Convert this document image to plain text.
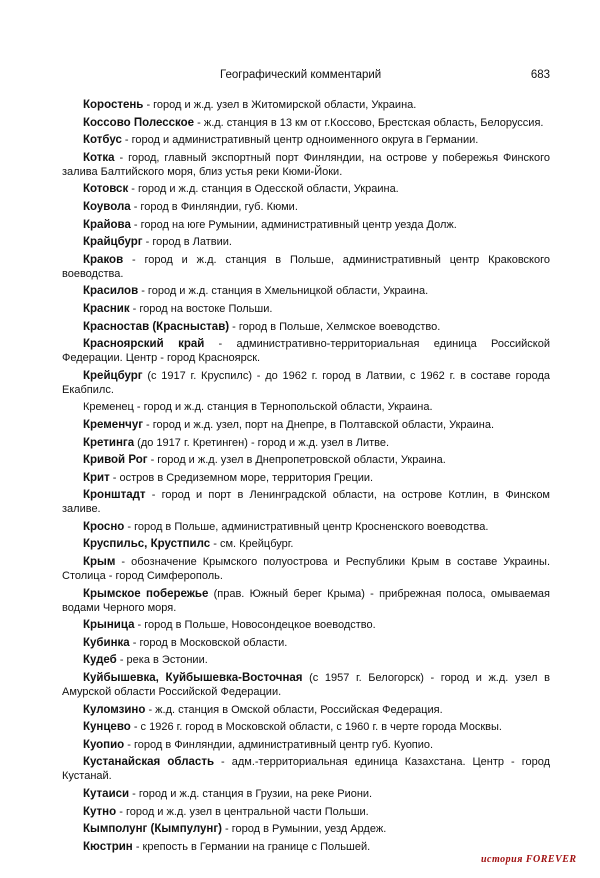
Географический комментарий	683

Коростень - город и ж.д. узел в Житомирской области, Украина.

Коссово Полесское - ж.д. станция в 13 км от г.Коссово, Брестская область, Белоруссия.

Котбус - город и административный центр одноименного округа в Германии.

Котка - город, главный экспортный порт Финляндии, на острове у побережья Финского залива Балтийского моря, близ устья реки Кюми-Йоки.

Котовск - город и ж.д. станция в Одесской области, Украина.

Коувола - город в Финляндии, губ. Кюми.

Крайова - город на юге Румынии, административный центр уезда Долж.

Крайцбург - город в Латвии.

Краков - город и ж.д. станция в Польше, административный центр Краковского воеводства.

Красилов - город и ж.д. станция в Хмельницкой области, Украина.

Красник - город на востоке Польши.

Красностав (Красныстав) - город в Польше, Хелмское воеводство.

Красноярский край - административно-территориальная единица Российской Федерации. Центр - город Красноярск.

Крейцбург (с 1917 г. Круспилс) - до 1962 г. город в Латвии, с 1962 г. в составе города Екабпилс.

Кременец - город и ж.д. станция в Тернопольской области, Украина.

Кременчуг - город и ж.д. узел, порт на Днепре, в Полтавской области, Украина.

Кретинга (до 1917 г. Кретинген) - город и ж.д. узел в Литве.

Кривой Рог - город и ж.д. узел в Днепропетровской области, Украина.

Крит - остров в Средиземном море, территория Греции.

Кронштадт - город и порт в Ленинградской области, на острове Котлин, в Финском заливе.

Кросно - город в Польше, административный центр Кросненского воеводства.

Круспильс, Крустпилс - см. Крейцбург.

Крым - обозначение Крымского полуострова и Республики Крым в составе Украины. Столица - город Симферополь.

Крымское побережье (прав. Южный берег Крыма) - прибрежная полоса, омываемая водами Черного моря.

Крыница - город в Польше, Новосондецкое воеводство.

Кубинка - город в Московской области.

Кудеб - река в Эстонии.

Куйбышевка, Куйбышевка-Восточная (с 1957 г. Белогорск) - город и ж.д. узел в Амурской области Российской Федерации.

Куломзино - ж.д. станция в Омской области, Российская Федерация.

Кунцево - с 1926 г. город в Московской области, с 1960 г. в черте города Москвы.

Куопио - город в Финляндии, административный центр губ. Куопио.

Кустанайская область - адм.-территориальная единица Казахстана. Центр - город Кустанай.

Кутаиси - город и ж.д. станция в Грузии, на реке Риони.

Кутно - город и ж.д. узел в центральной части Польши.

Кымполунг (Кымпулунг) - город в Румынии, уезд Ардеж.

Кюстрин - крепость в Германии на границе с Польшей.

история FOREVER
